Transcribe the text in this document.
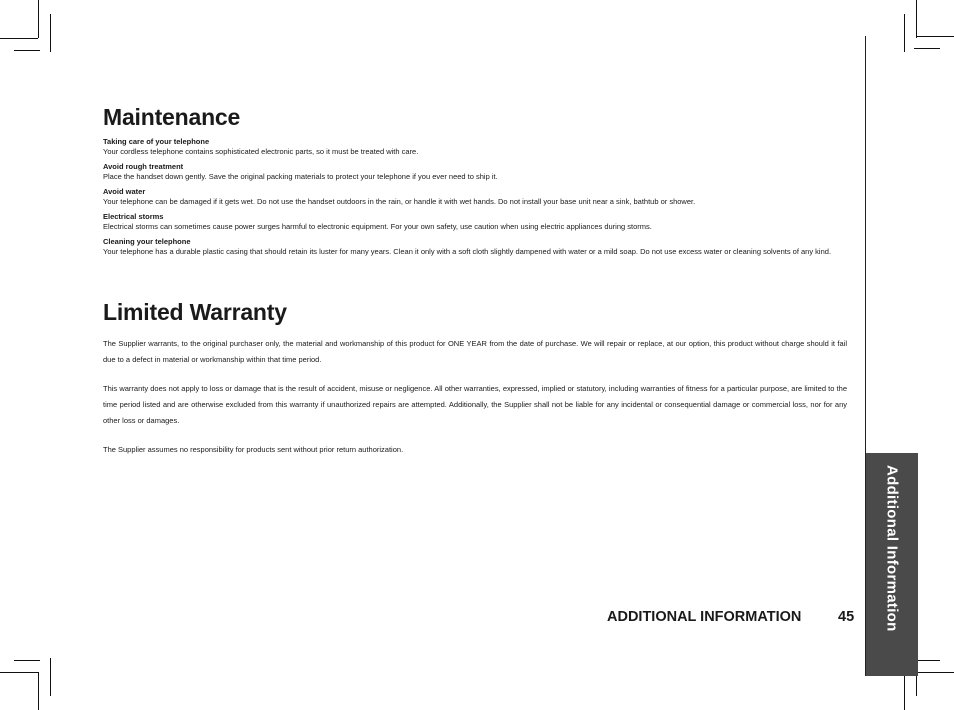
Additional Information
Maintenance
Taking care of your telephone
Your cordless telephone contains sophisticated electronic parts, so it must be treated with care.
Avoid rough treatment
Place the handset down gently. Save the original packing materials to protect your telephone if you ever need to ship it.
Avoid water
Your telephone can be damaged if it gets wet. Do not use the handset outdoors in the rain, or handle it with wet hands. Do not install your base unit near a sink, bathtub or shower.
Electrical storms
Electrical storms can sometimes cause power surges harmful to electronic equipment. For your own safety, use caution when using electric appliances during storms.
Cleaning your telephone
Your telephone has a durable plastic casing that should retain its luster for many years. Clean it only with a soft cloth slightly dampened with water or a mild soap. Do not use excess water or cleaning solvents of any kind.
Limited Warranty
The Supplier warrants, to the original purchaser only, the material and workmanship of this product for ONE YEAR from the date of purchase. We will repair or replace, at our option, this product without charge should it fail due to a defect in material or workmanship within that time period.
This warranty does not apply to loss or damage that is the result of accident, misuse or negligence. All other warranties, expressed, implied or statutory, including warranties of fitness for a particular purpose, are limited to the time period listed and are otherwise excluded from this warranty if unauthorized repairs are attempted. Additionally, the Supplier shall not be liable for any incidental or consequential damage or commercial loss, nor for any other loss or damages.
The Supplier assumes no responsibility for products sent without prior return authorization.
ADDITIONAL INFORMATION	45
